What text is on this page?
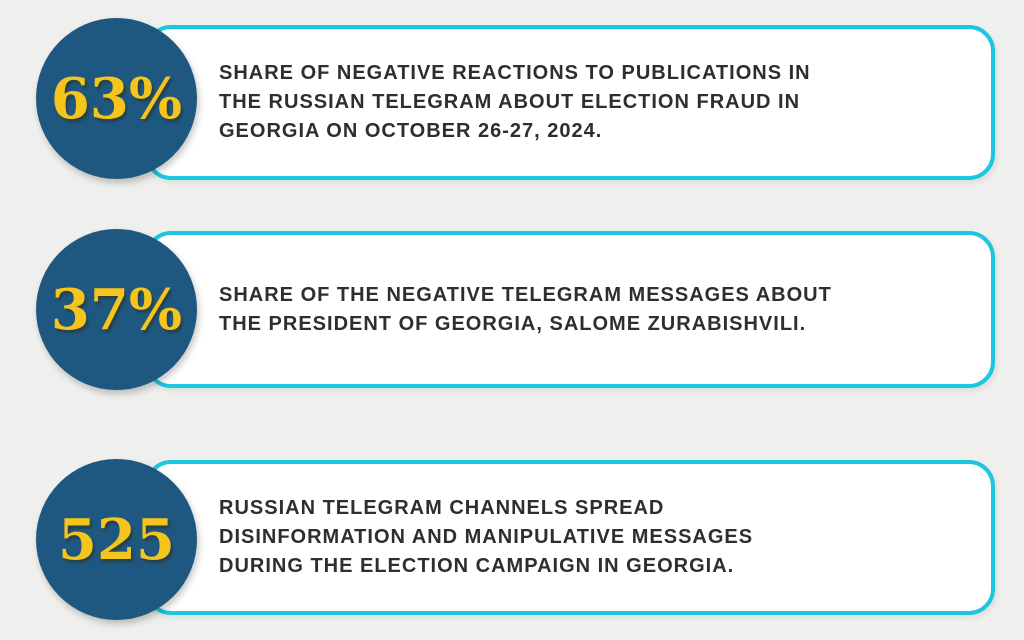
SHARE OF NEGATIVE REACTIONS TO PUBLICATIONS IN
THE RUSSIAN TELEGRAM ABOUT ELECTION FRAUD IN
GEORGIA ON OCTOBER 26-27, 2024.
63%
SHARE OF THE NEGATIVE TELEGRAM MESSAGES ABOUT
THE PRESIDENT OF GEORGIA, SALOME ZURABISHVILI.
37%
RUSSIAN TELEGRAM CHANNELS SPREAD
DISINFORMATION AND MANIPULATIVE MESSAGES
DURING THE ELECTION CAMPAIGN IN GEORGIA.
525
